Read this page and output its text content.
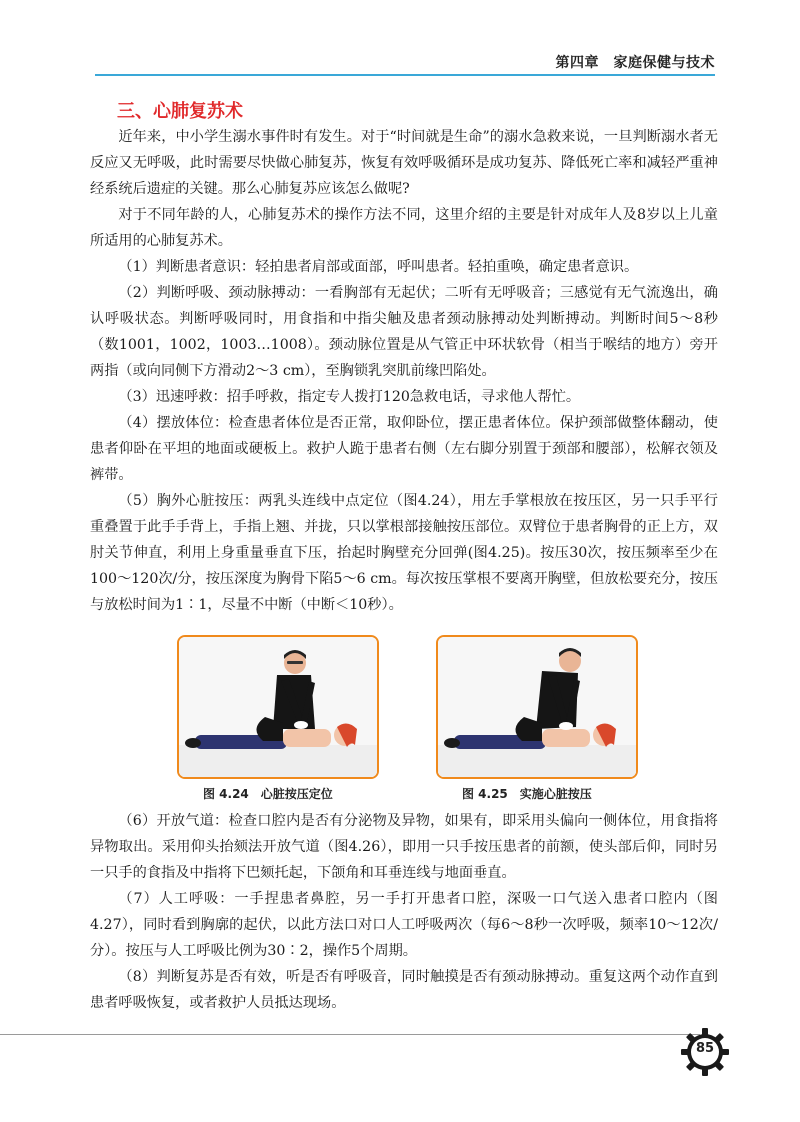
第四章　家庭保健与技术
三、心肺复苏术

近年来，中小学生溺水事件时有发生。对于“时间就是生命”的溺水急救来说，一旦判断溺水者无反应又无呼吸，此时需要尽快做心肺复苏，恢复有效呼吸循环是成功复苏、降低死亡率和减轻严重神经系统后遗症的关键。那么心肺复苏应该怎么做呢?

对于不同年龄的人，心肺复苏术的操作方法不同，这里介绍的主要是针对成年人及8岁以上儿童所适用的心肺复苏术。

（1）判断患者意识：轻拍患者肩部或面部，呼叫患者。轻拍重唤，确定患者意识。

（2）判断呼吸、颈动脉搏动：一看胸部有无起伏；二听有无呼吸音；三感觉有无气流逸出，确认呼吸状态。判断呼吸同时，用食指和中指尖触及患者颈动脉搏动处判断搏动。判断时间5～8秒（数1001，1002，1003…1008）。颈动脉位置是从气管正中环状软骨（相当于喉结的地方）旁开两指（或向同侧下方滑动2～3 cm），至胸锁乳突肌前缘凹陷处。

（3）迅速呼救：招手呼救，指定专人拨打120急救电话，寻求他人帮忙。

（4）摆放体位：检查患者体位是否正常，取仰卧位，摆正患者体位。保护颈部做整体翻动，使患者仰卧在平坦的地面或硬板上。救护人跪于患者右侧（左右脚分别置于颈部和腰部），松解衣领及裤带。

（5）胸外心脏按压：两乳头连线中点定位（图4.24），用左手掌根放在按压区，另一只手平行重叠置于此手手背上，手指上翘、并拢，只以掌根部接触按压部位。双臂位于患者胸骨的正上方，双肘关节伸直，利用上身重量垂直下压，抬起时胸壁充分回弹(图4.25)。按压30次，按压频率至少在100～120次/分，按压深度为胸骨下陷5～6 cm。每次按压掌根不要离开胸壁，但放松要充分，按压与放松时间为1∶1，尽量不中断（中断＜10秒）。

图 4.24　心脏按压定位	图 4.25　实施心脏按压

（6）开放气道：检查口腔内是否有分泌物及异物，如果有，即采用头偏向一侧体位，用食指将异物取出。采用仰头抬颏法开放气道（图4.26），即用一只手按压患者的前额，使头部后仰，同时另一只手的食指及中指将下巴颏托起，下颌角和耳垂连线与地面垂直。

（7）人工呼吸：一手捏患者鼻腔，另一手打开患者口腔，深吸一口气送入患者口腔内（图4.27），同时看到胸廓的起伏，以此方法口对口人工呼吸两次（每6～8秒一次呼吸，频率10～12次/分）。按压与人工呼吸比例为30∶2，操作5个周期。

（8）判断复苏是否有效，听是否有呼吸音，同时触摸是否有颈动脉搏动。重复这两个动作直到患者呼吸恢复，或者救护人员抵达现场。

85
